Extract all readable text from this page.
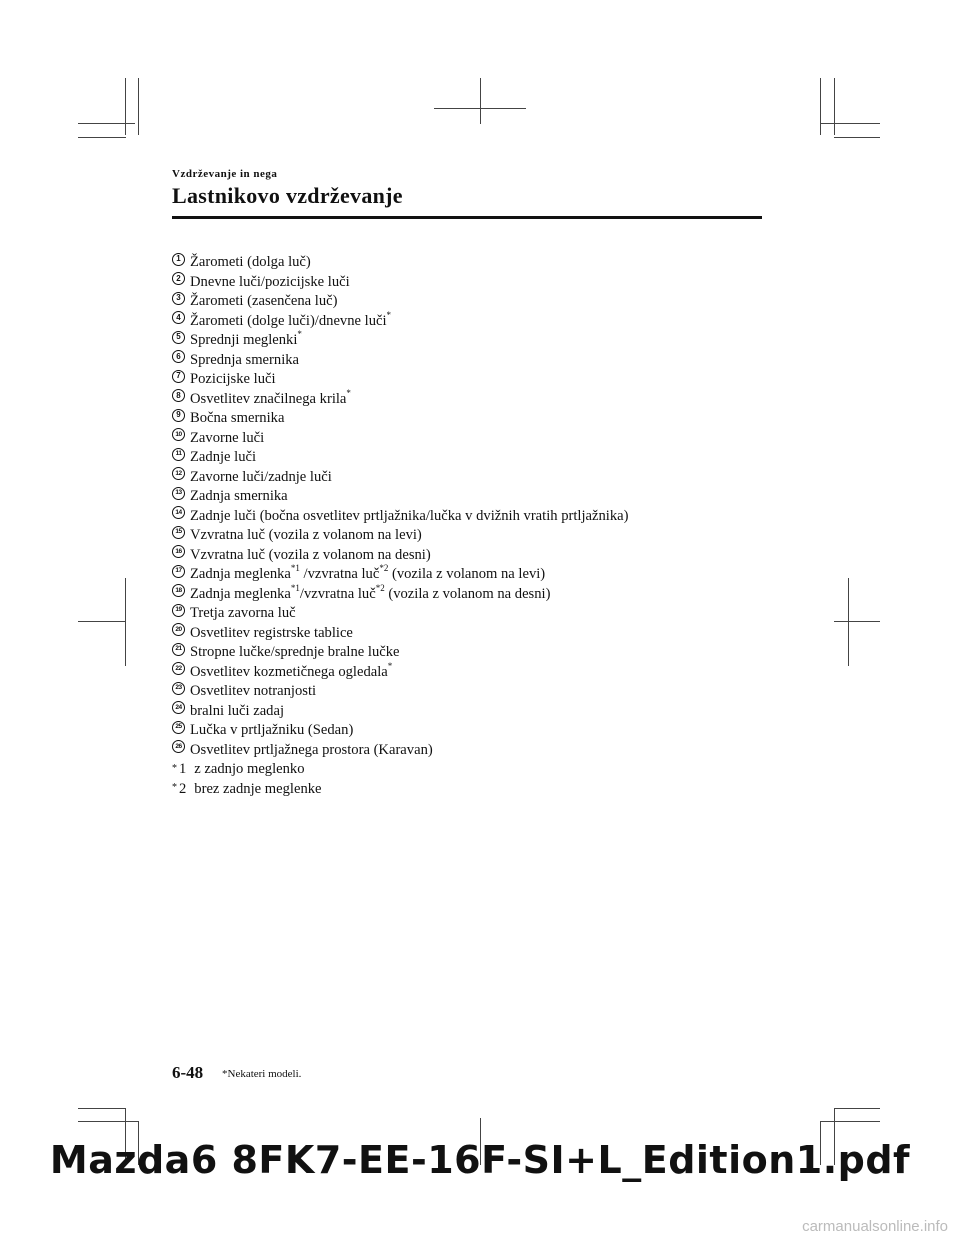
Vzdrževanje in nega
Lastnikovo vzdrževanje
1 Žarometi (dolga luč)
2 Dnevne luči/pozicijske luči
3 Žarometi (zasenčena luč)
4 Žarometi (dolge luči)/dnevne luči*
5 Sprednji meglenki*
6 Sprednja smernika
7 Pozicijske luči
8 Osvetlitev značilnega krila*
9 Bočna smernika
10 Zavorne luči
11 Zadnje luči
12 Zavorne luči/zadnje luči
13 Zadnja smernika
14 Zadnje luči (bočna osvetlitev prtljažnika/lučka v dvižnih vratih prtljažnika)
15 Vzvratna luč (vozila z volanom na levi)
16 Vzvratna luč (vozila z volanom na desni)
17 Zadnja meglenka$^{*1}$ /vzvratna luč$^{*2}$ (vozila z volanom na levi)
18 Zadnja meglenka$^{*1}$/vzvratna luč$^{*2}$ (vozila z volanom na desni)
19 Tretja zavorna luč
20 Osvetlitev registrske tablice
21 Stropne lučke/sprednje bralne lučke
22 Osvetlitev kozmetičnega ogledala*
23 Osvetlitev notranjosti
24 bralni luči zadaj
25 Lučka v prtljažniku (Sedan)
26 Osvetlitev prtljažnega prostora (Karavan)
* 1 z zadnjo meglenko
* 2 brez zadnje meglenke
6-48 *Nekateri modeli.
Mazda6 8FK7-EE-16F-SI+L_Edition1.pdf
carmanualsonline.info
